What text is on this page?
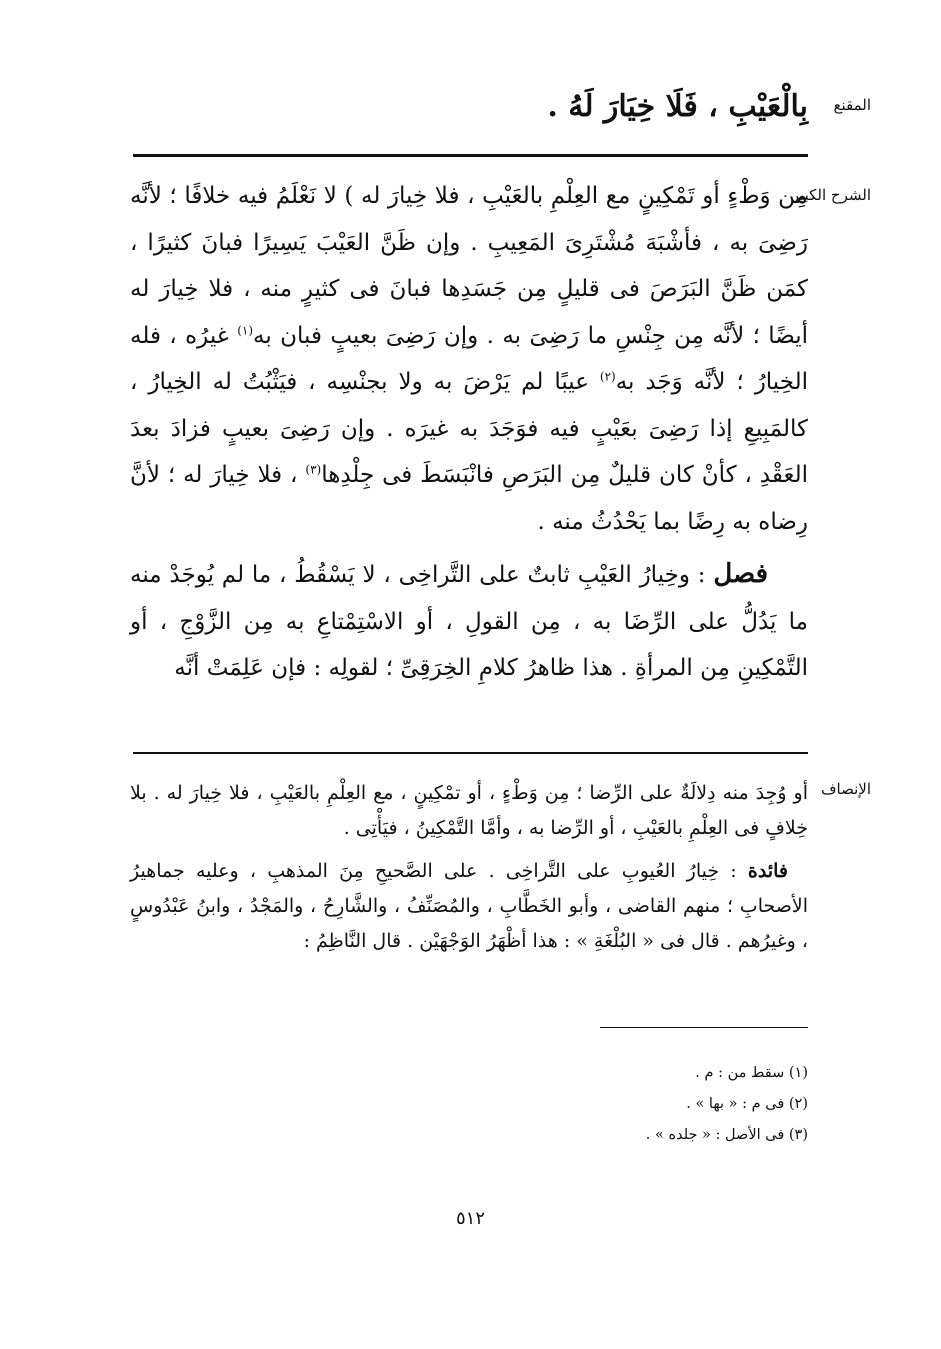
المقنع
الشرح الكبير
الإنصاف

بِالْعَيْبِ ، فَلَا خِيَارَ لَهُ .

مِن وَطْءٍ أو تَمْكِينٍ مع العِلْمِ بالعَيْبِ ، فلا خِيارَ له ) لا نَعْلَمُ فيه خلافًا ؛ لأنَّه رَضِىَ به ، فأشْبَهَ مُشْتَرِىَ المَعِيبِ . وإن ظَنَّ العَيْبَ يَسِيرًا فبانَ كثيرًا ، كمَن ظَنَّ البَرَصَ فى قليلٍ مِن جَسَدِها فبانَ فى كثيرٍ منه ، فلا خِيارَ له أيضًا ؛ لأنَّه مِن جِنْسِ ما رَضِىَ به . وإن رَضِىَ بعيبٍ فبان به$^{(١)}$ غيرُه ، فله الخِيارُ ؛ لأنَّه وَجَد به$^{(٢)}$ عيبًا لم يَرْضَ به ولا بجنْسِه ، فيَثْبُتُ له الخِيارُ ، كالمَبِيعِ إذا رَضِىَ بعَيْبٍ فيه فوَجَدَ به غيرَه . وإن رَضِىَ بعيبٍ فزادَ بعدَ العَقْدِ ، كأنْ كان قليلٌ مِن البَرَصِ فانْبَسَطَ فى جِلْدِها$^{(٣)}$ ، فلا خِيارَ له ؛ لأنَّ رِضاه به رِضًا بما يَحْدُثُ منه .

فصل : وخِيارُ العَيْبِ ثابتٌ على التَّراخِى ، لا يَسْقُطُ ، ما لم يُوجَدْ منه ما يَدُلُّ على الرِّضَا به ، مِن القولِ ، أو الاسْتِمْتاعِ به مِن الزَّوْجِ ، أو التَّمْكِينِ مِن المرأةِ . هذا ظاهرُ كلامِ الخِرَقِىِّ ؛ لقولِه : فإن عَلِمَتْ أنَّه

أو وُجِدَ منه دِلالَةٌ على الرِّضا ؛ مِن وَطْءٍ ، أو تمْكِينٍ ، مع العِلْمِ بالعَيْبِ ، فلا خِيارَ له . بلا خِلافٍ فى العِلْمِ بالعَيْبِ ، أو الرِّضا به ، وأمَّا التَّمْكِينُ ، فيَأْتِى .

فائدة : خِيارُ العُيوبِ على التَّراخِى . على الصَّحيحِ مِنَ المذهبِ ، وعليه جماهيرُ الأصحابِ ؛ منهم القاضى ، وأبو الخَطَّابِ ، والمُصَنِّفُ ، والشَّارِحُ ، والمَجْدُ ، وابنُ عَبْدُوسٍ ، وغيرُهم . قال فى « البُلْغَةِ » : هذا أظْهَرُ الوَجْهَيْن . قال النَّاظِمُ :

(١) سقط من : م .
(٢) فى م : « بها » .
(٣) فى الأصل : « جلده » .
٥١٢
